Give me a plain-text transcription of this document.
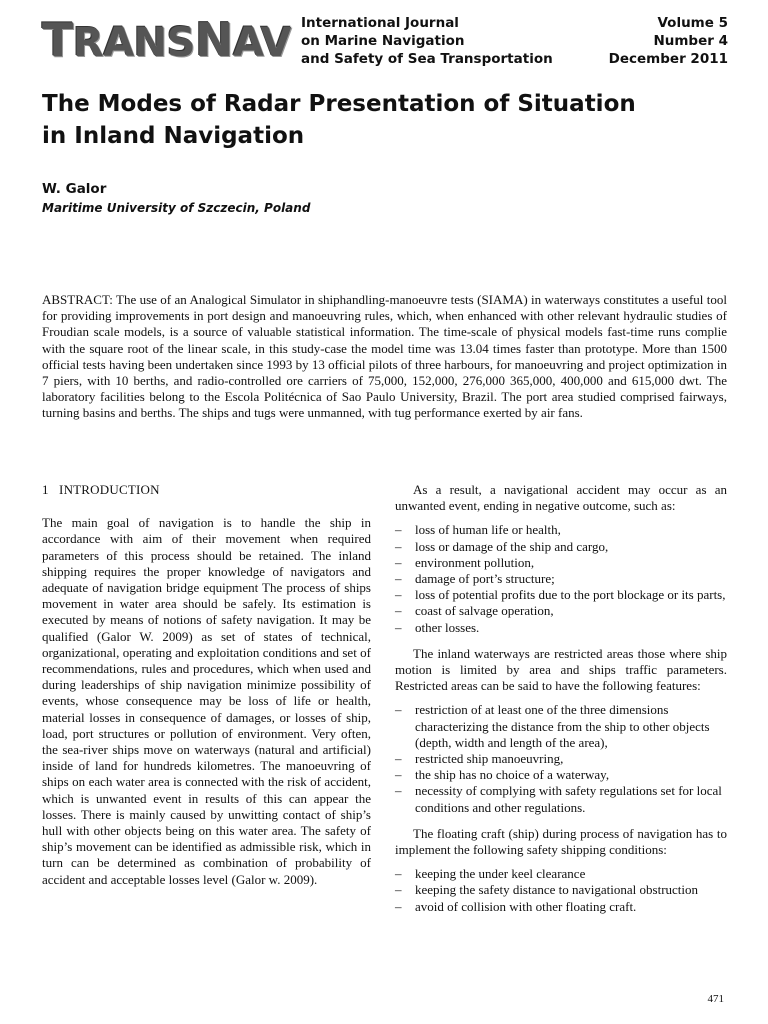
TRANSNAV International Journal
on Marine Navigation
and Safety of Sea Transportation
Volume 5
Number 4
December 2011
The Modes of Radar Presentation of Situation
in Inland Navigation
W. Galor
Maritime University of Szczecin, Poland

ABSTRACT: The use of an Analogical Simulator in shiphandling-manoeuvre tests (SIAMA) in waterways constitutes a useful tool for providing improvements in port design and manoeuvring rules, which, when enhanced with other relevant hydraulic studies of Froudian scale models, is a source of valuable statistical information. The time-scale of physical models fast-time runs complie with the square root of the linear scale, in this study-case the model time was 13.04 times faster than prototype. More than 1500 official tests having been undertaken since 1993 by 13 official pilots of three harbours, for manoeuvring and project optimization in 7 piers, with 10 berths, and radio-controlled ore carriers of 75,000, 152,000, 276,000 365,000, 400,000 and 615,000 dwt. The laboratory facilities belong to the Escola Politécnica of Sao Paulo University, Brazil. The port area studied comprised fairways, turning basins and berths. The ships and tugs were unmanned, with tug performance exerted by air fans.

1   INTRODUCTION

The main goal of navigation is to handle the ship in accordance with aim of their movement when required parameters of this process should be retained. The inland shipping requires the proper knowledge of navigators and adequate of navigation bridge equipment The process of ships movement in water area should be safely. Its estimation is executed by means of notions of safety navigation. It may be qualified (Galor W. 2009) as set of states of technical, organizational, operating and exploitation conditions and set of recommendations, rules and procedures, which when used and during leaderships of ship navigation minimize possibility of events, whose consequence may be loss of life or health, material losses in consequence of damages, or losses of ship, load, port structures or pollution of environment. Very often, the sea-river ships move on waterways (natural and artificial) inside of land for hundreds kilometres. The manoeuvring of ships on each water area is connected with the risk of accident, which is unwanted event in results of this can appear the losses. There is mainly caused by unwitting contact of ship’s hull with other objects being on this water area. The safety of ship’s movement can be identified as admissible risk, which in turn can be determined as combination of probability of accident and acceptable losses level (Galor w. 2009).

As a result, a navigational accident may occur as an unwanted event, ending in negative outcome, such as:

– loss of human life or health,
– loss or damage of the ship and cargo,
– environment pollution,
– damage of port’s structure;
– loss of potential profits due to the port blockage or its parts,
– coast of salvage operation,
– other losses.

The inland waterways are restricted areas those where ship motion is limited by area and ships traffic parameters. Restricted areas can be said to have the following features:

– restriction of at least one of the three dimensions characterizing the distance from the ship to other objects (depth, width and length of the area),
– restricted ship manoeuvring,
– the ship has no choice of a waterway,
– necessity of complying with safety regulations set for local conditions and other regulations.

The floating craft (ship) during process of navigation has to implement the following safety shipping conditions:

– keeping the under keel clearance
– keeping the safety distance to navigational obstruction
– avoid of collision with other floating craft.
471
